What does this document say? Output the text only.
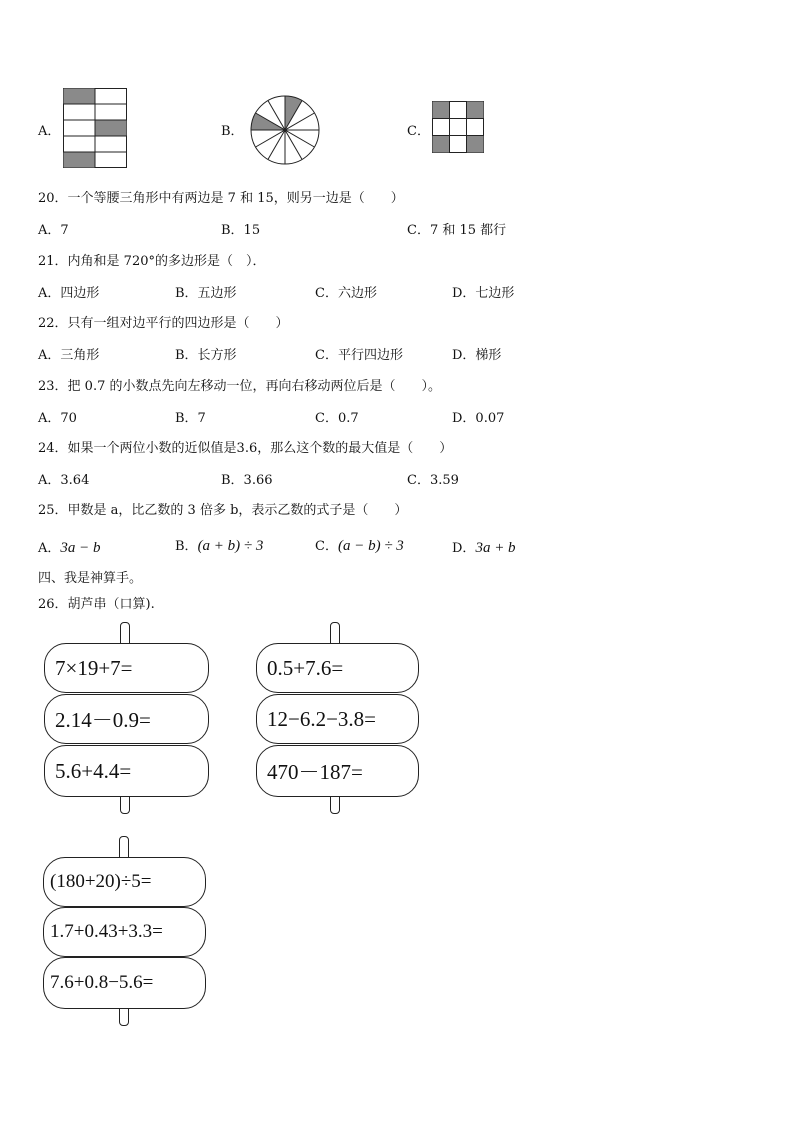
A．	B．	C．
20．一个等腰三角形中有两边是 7 和 15，则另一边是（　　）
A．7	B．15	C．7 和 15 都行
21．内角和是 720°的多边形是（　）．
A．四边形	B．五边形	C．六边形	D．七边形
22．只有一组对边平行的四边形是（　　）
A．三角形	B．长方形	C．平行四边形	D．梯形
23．把 0.7 的小数点先向左移动一位，再向右移动两位后是（　　）。
A．70	B．7	C．0.7	D．0.07
24．如果一个两位小数的近似值是3.6，那么这个数的最大值是（　　）
A．3.64	B．3.66	C．3.59
25．甲数是 a，比乙数的 3 倍多 b，表示乙数的式子是（　　）
A．3a − b	B．(a + b) ÷ 3	C．(a − b) ÷ 3	D．3a + b
四、我是神算手。
26．胡芦串（口算).
7×19+7=
2.14－0.9=
5.6+4.4=
0.5+7.6=
12−6.2−3.8=
470－187=
(180+20)÷5=
1.7+0.43+3.3=
7.6+0.8−5.6=
